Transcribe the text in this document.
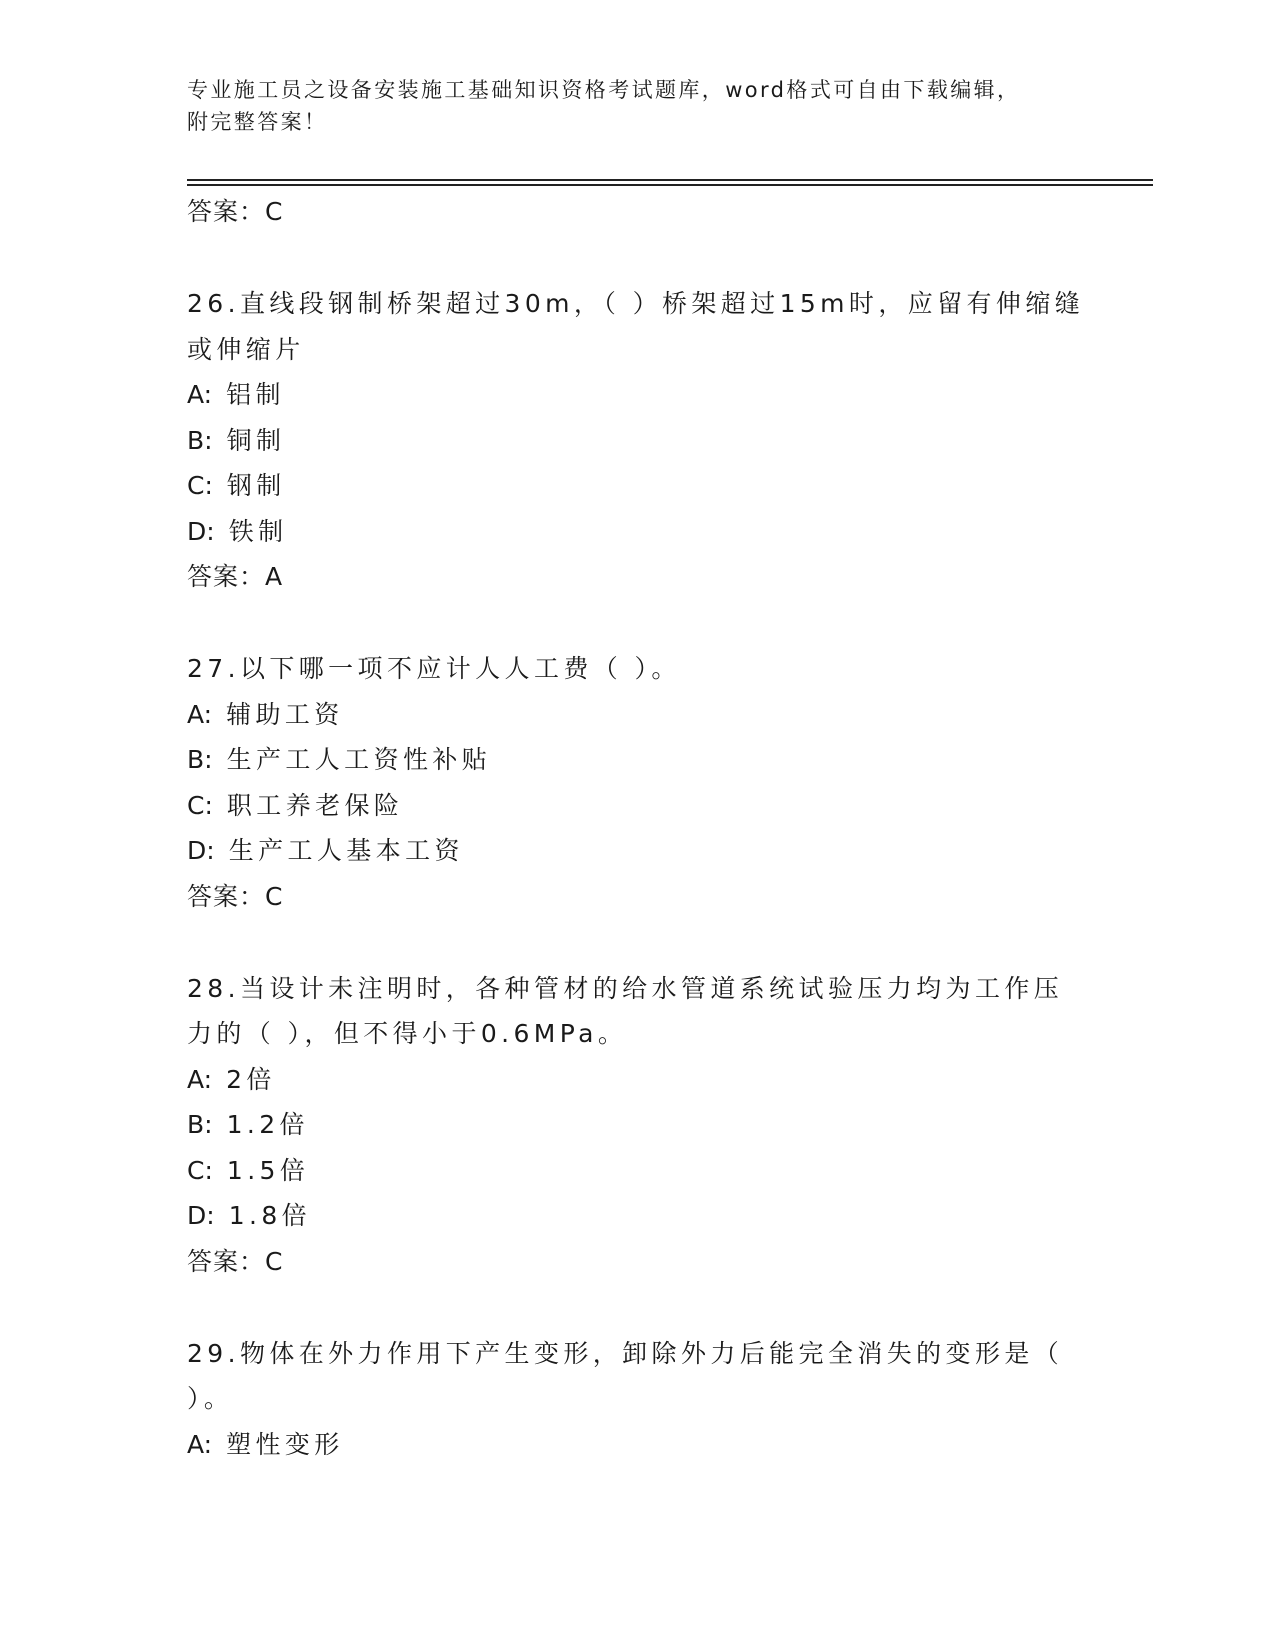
专业施工员之设备安装施工基础知识资格考试题库，word格式可自由下载编辑，
附完整答案！

答案：C

26.直线段钢制桥架超过30m，（ ）桥架超过15m时，应留有伸缩缝或伸缩片

A: 铝制

B: 铜制

C: 钢制

D: 铁制

答案：A

27.以下哪一项不应计人人工费（ ）。

A: 辅助工资

B: 生产工人工资性补贴

C: 职工养老保险

D: 生产工人基本工资

答案：C

28.当设计未注明时，各种管材的给水管道系统试验压力均为工作压力的（ ），但不得小于0.6MPa。

A: 2倍

B: 1.2倍

C: 1.5倍

D: 1.8倍

答案：C

29.物体在外力作用下产生变形，卸除外力后能完全消失的变形是（ ）。

A: 塑性变形
